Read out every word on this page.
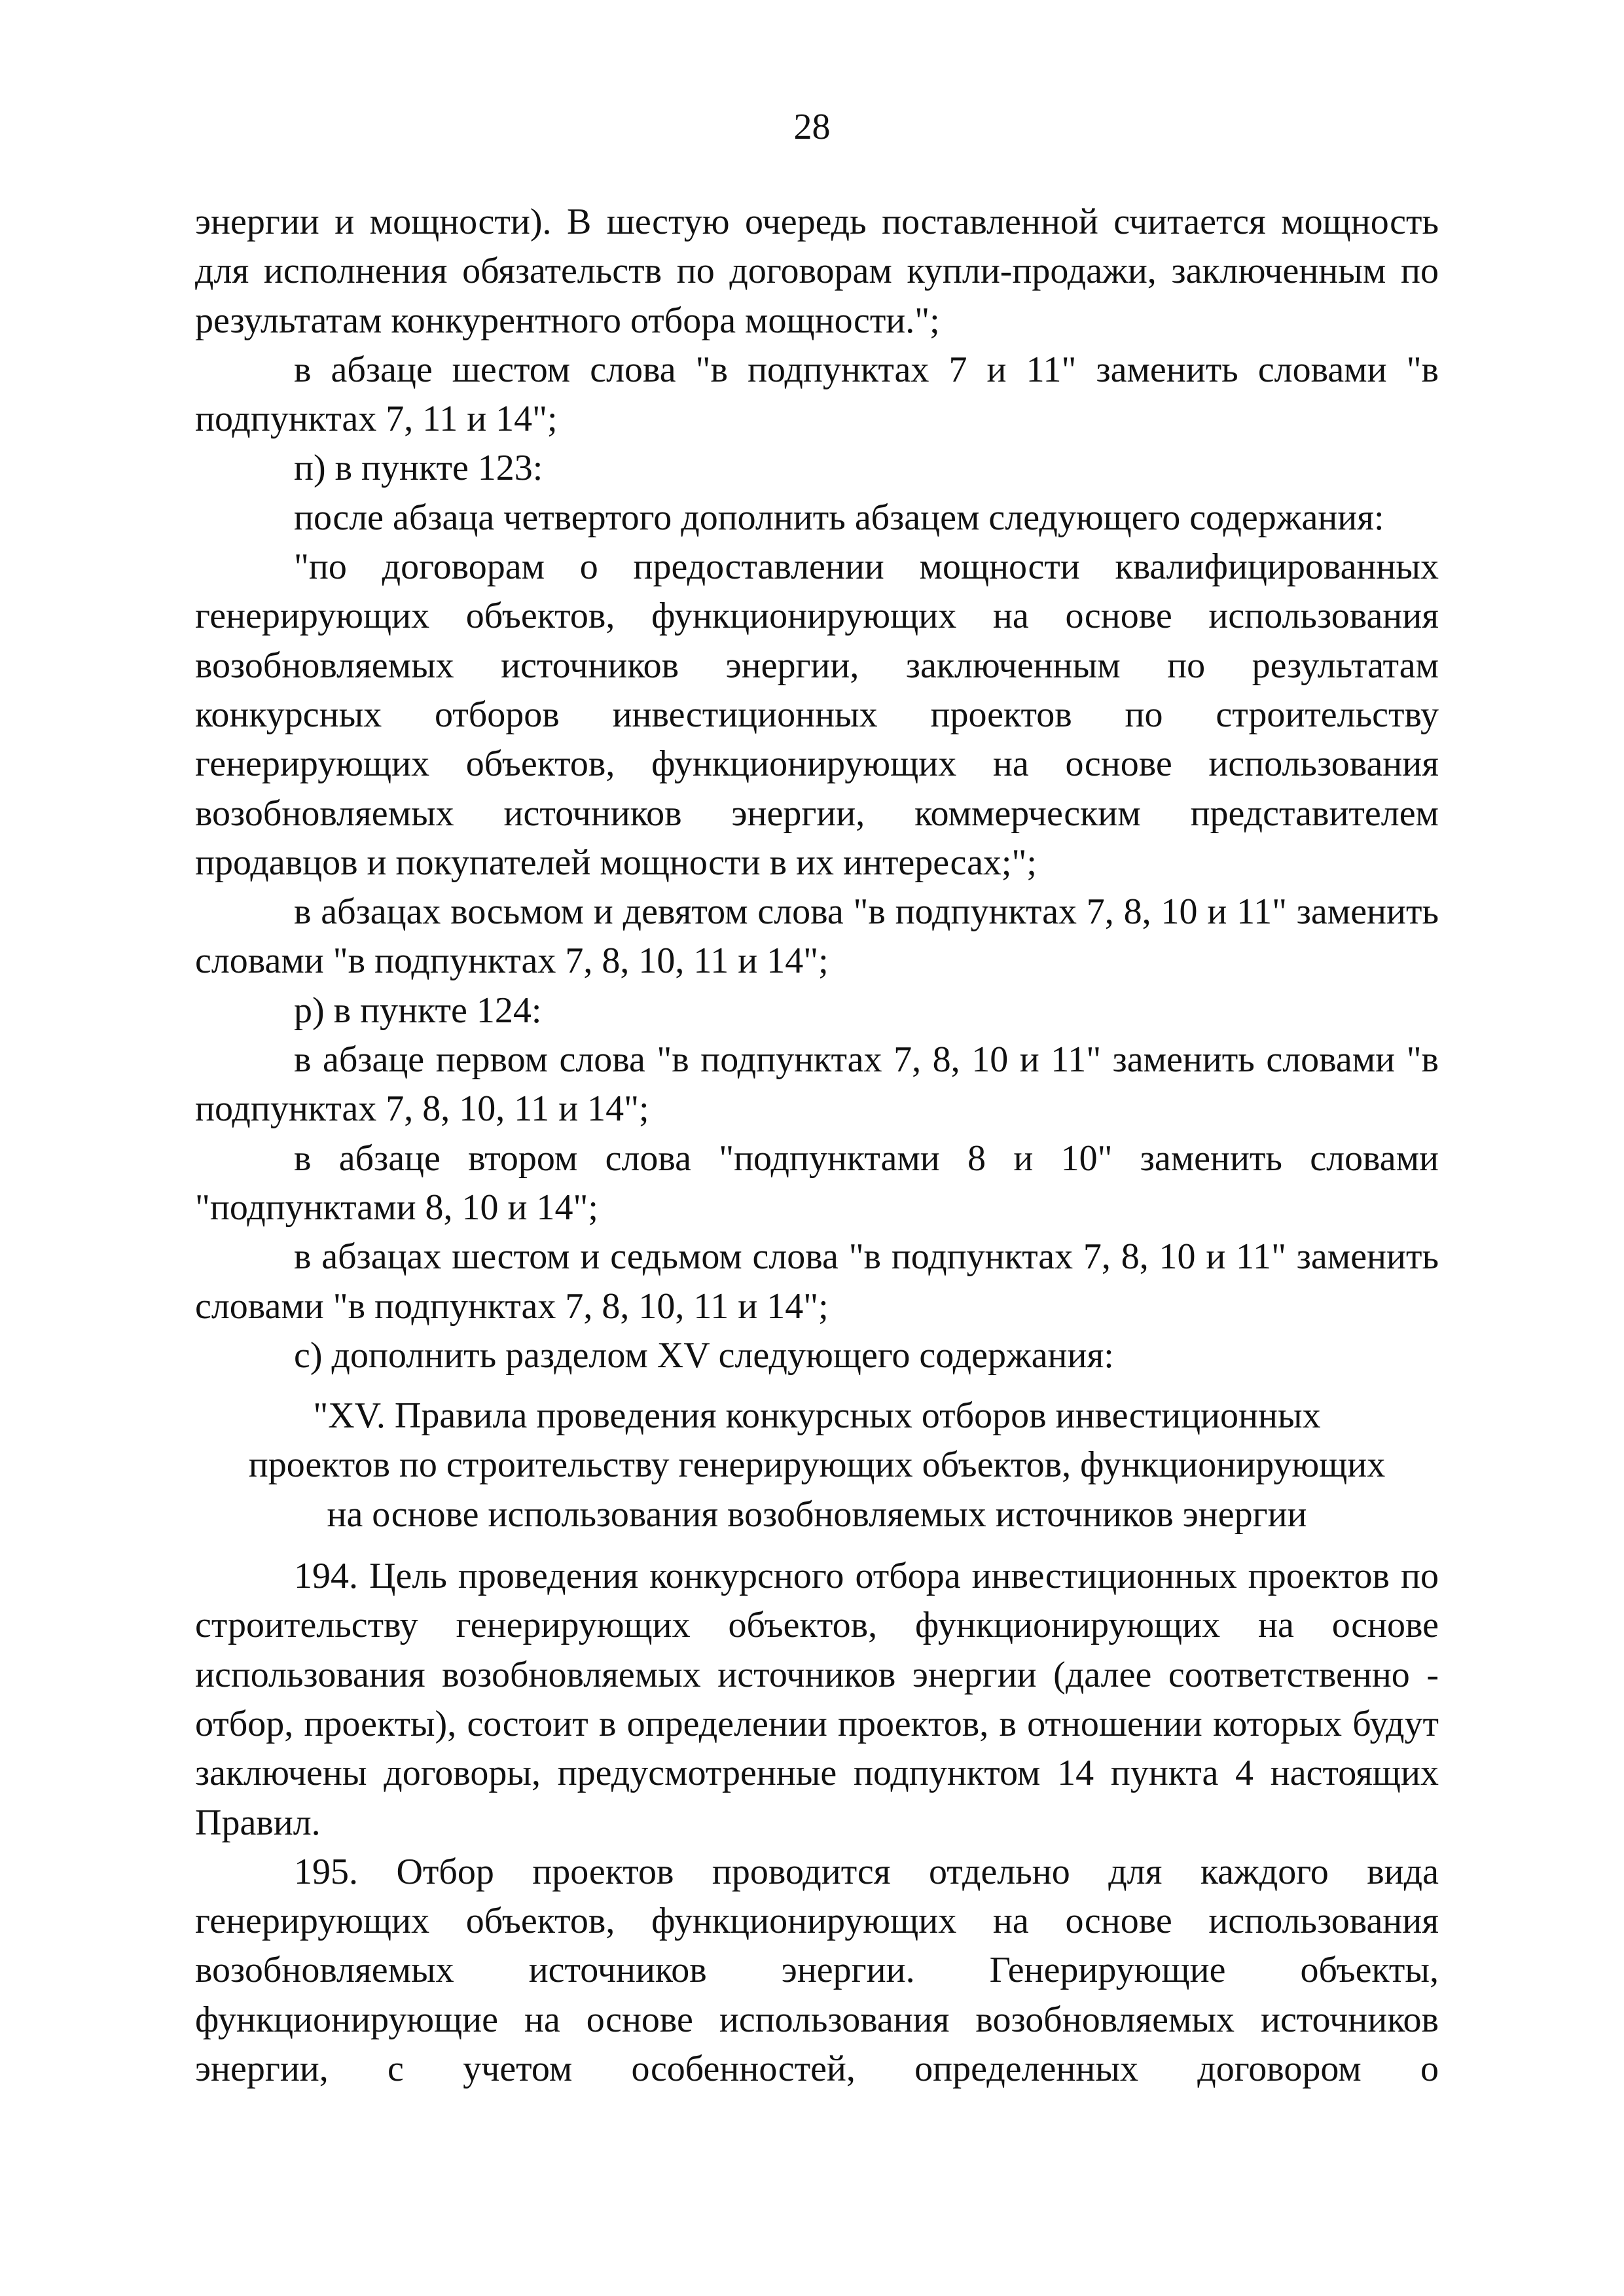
28

энергии и мощности). В шестую очередь поставленной считается мощность для исполнения обязательств по договорам купли-продажи, заключенным по результатам конкурентного отбора мощности.";

в абзаце шестом слова "в подпунктах 7 и 11" заменить словами "в подпунктах 7, 11 и 14";

п) в пункте 123:

после абзаца четвертого дополнить абзацем следующего содержания:

"по договорам о предоставлении мощности квалифицированных генерирующих объектов, функционирующих на основе использования возобновляемых источников энергии, заключенным по результатам конкурсных отборов инвестиционных проектов по строительству генерирующих объектов, функционирующих на основе использования возобновляемых источников энергии, коммерческим представителем продавцов и покупателей мощности в их интересах;";

в абзацах восьмом и девятом слова "в подпунктах 7, 8, 10 и 11" заменить словами "в подпунктах 7, 8, 10, 11 и 14";

р) в пункте 124:

в абзаце первом слова "в подпунктах 7, 8, 10 и 11" заменить словами "в подпунктах 7, 8, 10, 11 и 14";

в абзаце втором слова "подпунктами 8 и 10" заменить словами "подпунктами 8, 10 и 14";

в абзацах шестом и седьмом слова "в подпунктах 7, 8, 10 и 11" заменить словами "в подпунктах 7, 8, 10, 11 и 14";

с) дополнить разделом XV следующего содержания:

"XV. Правила проведения конкурсных отборов инвестиционных
проектов по строительству генерирующих объектов, функционирующих
на основе использования возобновляемых источников энергии

194. Цель проведения конкурсного отбора инвестиционных проектов по строительству генерирующих объектов, функционирующих на основе использования возобновляемых источников энергии (далее соответственно - отбор, проекты), состоит в определении проектов, в отношении которых будут заключены договоры, предусмотренные подпунктом 14 пункта 4 настоящих Правил.

195. Отбор проектов проводится отдельно для каждого вида генерирующих объектов, функционирующих на основе использования возобновляемых источников энергии. Генерирующие объекты, функционирующие на основе использования возобновляемых источников энергии, с учетом особенностей, определенных договором о
